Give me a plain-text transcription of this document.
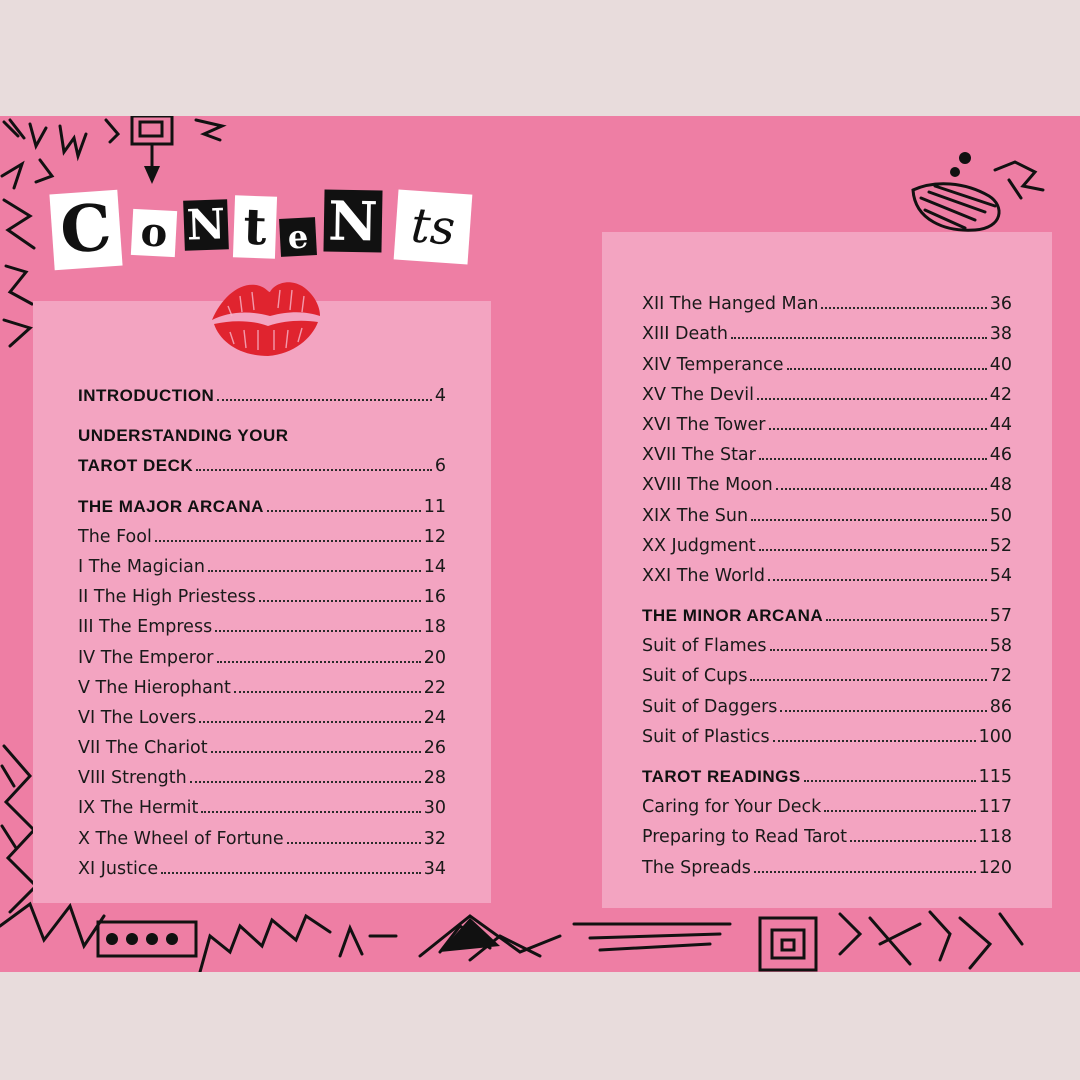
C o N t e N ts
INTRODUCTION	4
UNDERSTANDING YOUR
TAROT DECK	6
THE MAJOR ARCANA	11
The Fool	12
I The Magician	14
II The High Priestess	16
III The Empress	18
IV The Emperor	20
V The Hierophant	22
VI The Lovers	24
VII The Chariot	26
VIII Strength	28
IX The Hermit	30
X The Wheel of Fortune	32
XI Justice	34
XII The Hanged Man	36
XIII Death	38
XIV Temperance	40
XV The Devil	42
XVI The Tower	44
XVII The Star	46
XVIII The Moon	48
XIX The Sun	50
XX Judgment	52
XXI The World	54
THE MINOR ARCANA	57
Suit of Flames	58
Suit of Cups	72
Suit of Daggers	86
Suit of Plastics	100
TAROT READINGS	115
Caring for Your Deck	117
Preparing to Read Tarot	118
The Spreads	120
